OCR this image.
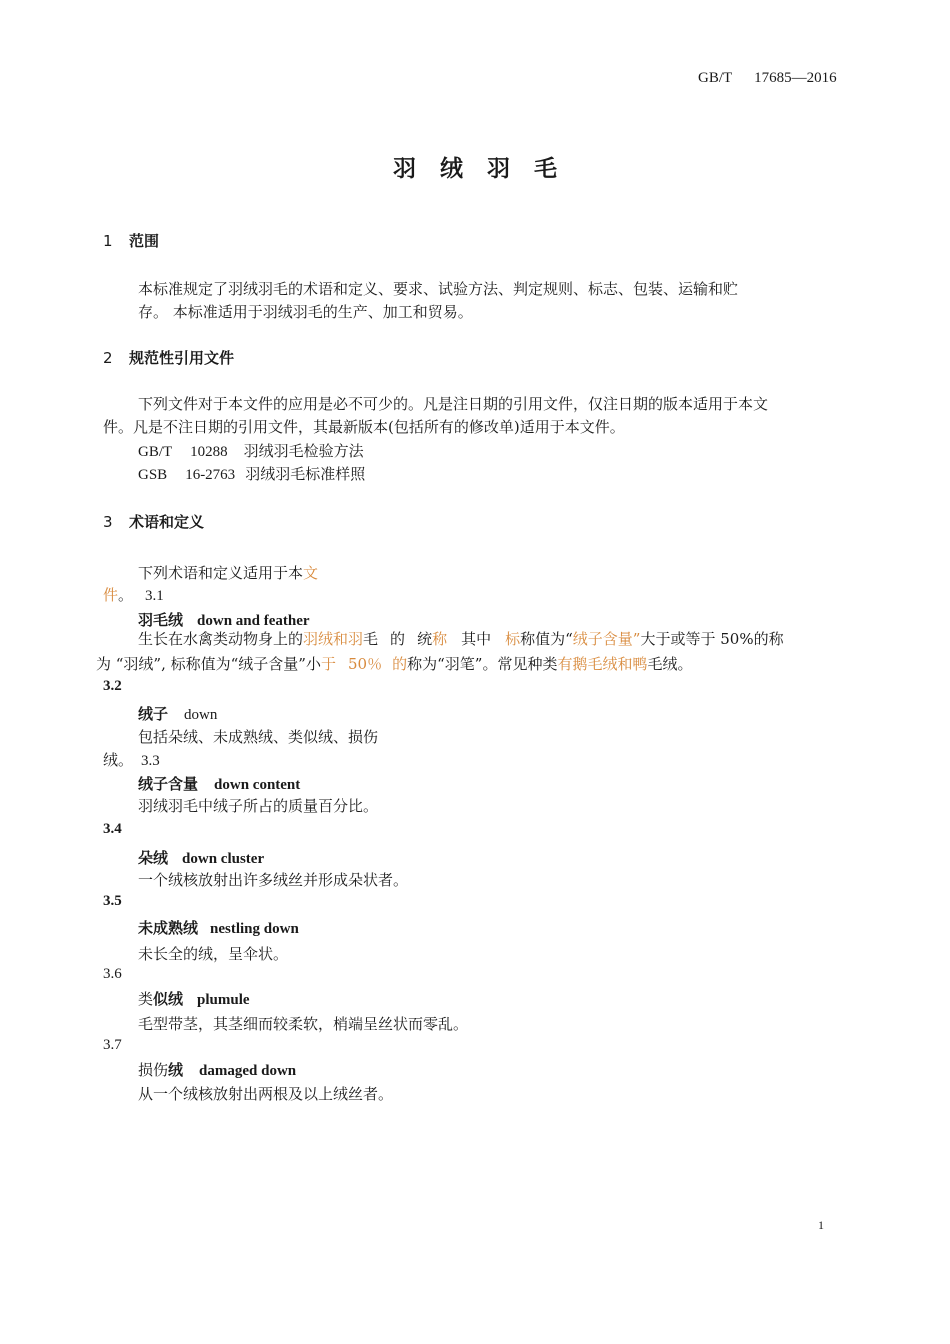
GB/T 17685—2016
羽绒羽毛
1 范围
本标准规定了羽绒羽毛的术语和定义、要求、试验方法、判定规则、标志、包装、运输和贮
存。 本标准适用于羽绒羽毛的生产、加工和贸易。
2 规范性引用文件
下列文件对于本文件的应用是必不可少的。凡是注日期的引用文件，仅注日期的版本适用于本文
件。凡是不注日期的引用文件，其最新版本(包括所有的修改单)适用于本文件。
GB/T 10288 羽绒羽毛检验方法
GSB 16-2763 羽绒羽毛标准样照
3 术语和定义
下列术语和定义适用于本文
件。 3.1
羽毛绒 down and feather
生长在水禽类动物身上的羽绒和羽毛 的 统称 其中 标称值为“绒子含量”大于或等于 50%的称
为 “羽绒”, 标称值为“绒子含量”小于 50％ 的称为“羽笔”。常见种类有鹅毛绒和鸭毛绒。
3.2
绒子 down
包括朵绒、未成熟绒、类似绒、损伤
绒。 3.3
绒子含量 down content
羽绒羽毛中绒子所占的质量百分比。
3.4
朵绒 down cluster
一个绒核放射出许多绒丝并形成朵状者。
3.5
未成熟绒 nestling down
未长全的绒，呈伞状。
3.6
类似绒 plumule
毛型带茎，其茎细而较柔软，梢端呈丝状而零乱。
3.7
损伤绒 damaged down
从一个绒核放射出两根及以上绒丝者。
1
